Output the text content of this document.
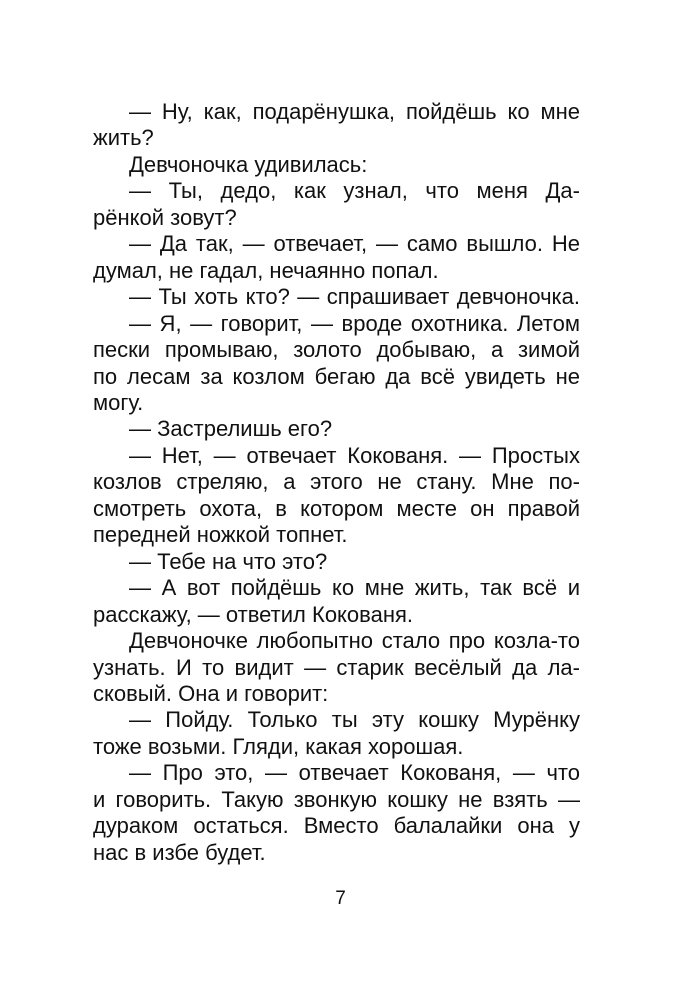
— Ну, как, подарёнушка, пойдёшь ко мне
жить?

Девчоночка удивилась:

— Ты, дедо, как узнал, что меня Да-
рёнкой зовут?

— Да так, — отвечает, — само вышло. Не
думал, не гадал, нечаянно попал.

— Ты хоть кто? — спрашивает девчоночка.

— Я, — говорит, — вроде охотника. Летом
пески промываю, золото добываю, а зимой
по лесам за козлом бегаю да всё увидеть не
могу.

— Застрелишь его?

— Нет, — отвечает Кокованя. — Простых
козлов стреляю, а этого не стану. Мне по-
смотреть охота, в котором месте он правой
передней ножкой топнет.

— Тебе на что это?

— А вот пойдёшь ко мне жить, так всё и
расскажу, — ответил Кокованя.

Девчоночке любопытно стало про козла-то
узнать. И то видит — старик весёлый да ла-
сковый. Она и говорит:

— Пойду. Только ты эту кошку Мурёнку
тоже возьми. Гляди, какая хорошая.

— Про это, — отвечает Кокованя, — что
и говорить. Такую звонкую кошку не взять —
дураком остаться. Вместо балалайки она у
нас в избе будет.

7
